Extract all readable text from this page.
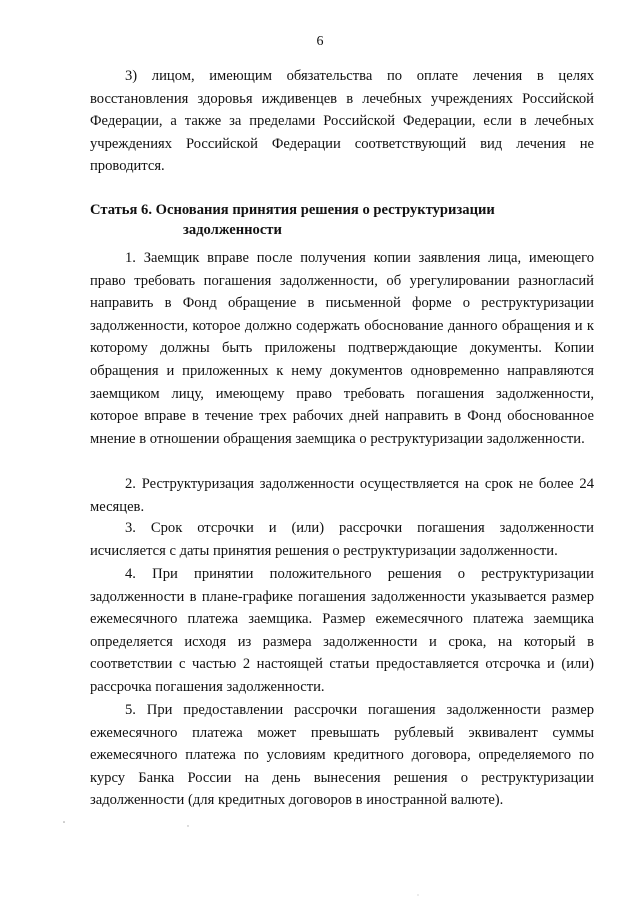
6
3) лицом, имеющим обязательства по оплате лечения в целях восстановления здоровья иждивенцев в лечебных учреждениях Российской Федерации, а также за пределами Российской Федерации, если в лечебных учреждениях Российской Федерации соответствующий вид лечения не проводится.
Статья 6. Основания принятия решения о реструктуризации
задолженности
1. Заемщик вправе после получения копии заявления лица, имеющего право требовать погашения задолженности, об урегулировании разногласий направить в Фонд обращение в письменной форме о реструктуризации задолженности, которое должно содержать обоснование данного обращения и к которому должны быть приложены подтверждающие документы. Копии обращения и приложенных к нему документов одновременно направляются заемщиком лицу, имеющему право требовать погашения задолженности, которое вправе в течение трех рабочих дней направить в Фонд обоснованное мнение в отношении обращения заемщика о реструктуризации задолженности.
2. Реструктуризация задолженности осуществляется на срок не более 24 месяцев.
3. Срок отсрочки и (или) рассрочки погашения задолженности исчисляется с даты принятия решения о реструктуризации задолженности.
4. При принятии положительного решения о реструктуризации задолженности в плане-графике погашения задолженности указывается размер ежемесячного платежа заемщика. Размер ежемесячного платежа заемщика определяется исходя из размера задолженности и срока, на который в соответствии с частью 2 настоящей статьи предоставляется отсрочка и (или) рассрочка погашения задолженности.
5. При предоставлении рассрочки погашения задолженности размер ежемесячного платежа может превышать рублевый эквивалент суммы ежемесячного платежа по условиям кредитного договора, определяемого по курсу Банка России на день вынесения решения о реструктуризации задолженности (для кредитных договоров в иностранной валюте).
